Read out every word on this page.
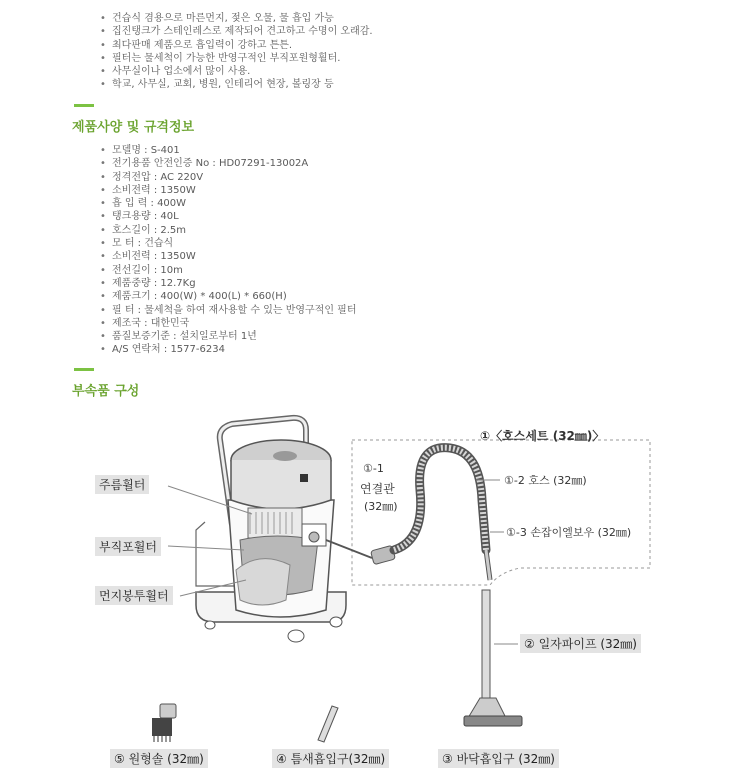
• 건습식 겸용으로 마른먼지, 젖은 오물, 물 흡입 가능
• 집진탱크가 스테인레스로 제작되어 견고하고 수명이 오래감.
• 최다판매 제품으로 흡입력이 강하고 튼튼.
• 필터는 물세척이 가능한 반영구적인 부직포원형휠터.
• 사무실이나 업소에서 많이 사용.
• 학교, 사무실, 교회, 병원, 인테리어 현장, 볼링장 등
제품사양 및 규격정보
• 모델명 : S-401
• 전기용품 안전인증 No : HD07291-13002A
• 정격전압 : AC 220V
• 소비전력 : 1350W
• 흡 입 력 : 400W
• 탱크용량 : 40L
• 호스길이 : 2.5m
• 모 터 : 건습식
• 소비전력 : 1350W
• 전선길이 : 10m
• 제품중량 : 12.7Kg
• 제품크기 : 400(W) * 400(L) * 660(H)
• 필 터 : 물세척을 하여 재사용할 수 있는 반영구적인 필터
• 제조국 : 대한민국
• 품질보증기준 : 설치일로부터 1년
• A/S 연락처 : 1577-6234
부속품 구성
주름휠터
부직포휠터
먼지봉투휠터
①〈호스세트 (32㎜)〉
①-1
연결관
(32㎜)
①-2 호스 (32㎜)
①-3 손잡이엘보우 (32㎜)
② 일자파이프 (32㎜)
③ 바닥흡입구 (32㎜)
④ 틈새흡입구(32㎜)
⑤ 원형솔 (32㎜)
